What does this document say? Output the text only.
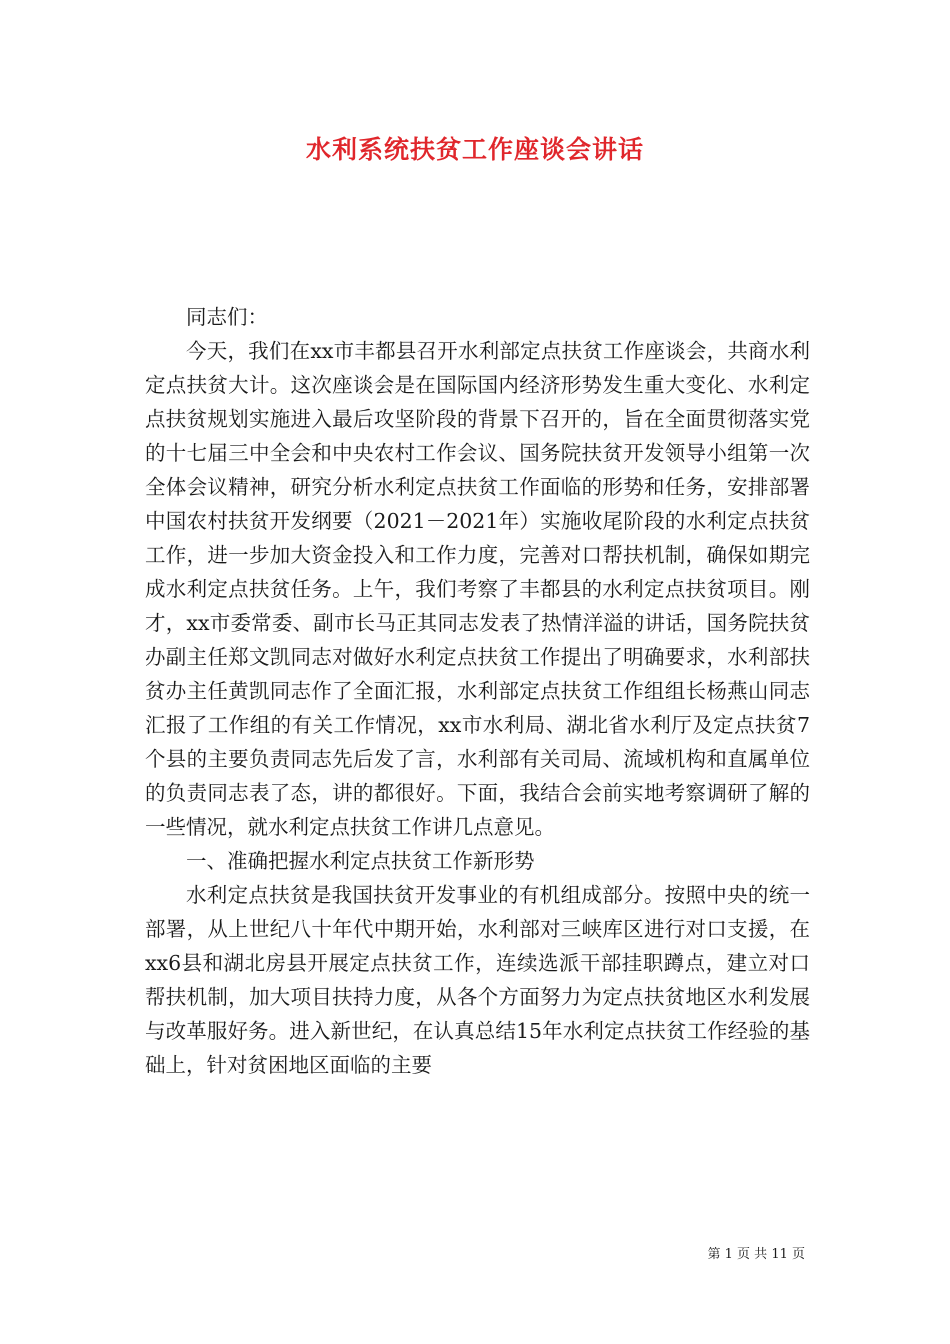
水利系统扶贫工作座谈会讲话

同志们：

今天，我们在xx市丰都县召开水利部定点扶贫工作座谈会，共商水利定点扶贫大计。这次座谈会是在国际国内经济形势发生重大变化、水利定点扶贫规划实施进入最后攻坚阶段的背景下召开的，旨在全面贯彻落实党的十七届三中全会和中央农村工作会议、国务院扶贫开发领导小组第一次全体会议精神，研究分析水利定点扶贫工作面临的形势和任务，安排部署中国农村扶贫开发纲要（2021－2021年）实施收尾阶段的水利定点扶贫工作，进一步加大资金投入和工作力度，完善对口帮扶机制，确保如期完成水利定点扶贫任务。上午，我们考察了丰都县的水利定点扶贫项目。刚才，xx市委常委、副市长马正其同志发表了热情洋溢的讲话，国务院扶贫办副主任郑文凯同志对做好水利定点扶贫工作提出了明确要求，水利部扶贫办主任黄凯同志作了全面汇报，水利部定点扶贫工作组组长杨燕山同志汇报了工作组的有关工作情况，xx市水利局、湖北省水利厅及定点扶贫7个县的主要负责同志先后发了言，水利部有关司局、流域机构和直属单位的负责同志表了态，讲的都很好。下面，我结合会前实地考察调研了解的一些情况，就水利定点扶贫工作讲几点意见。

一、准确把握水利定点扶贫工作新形势

水利定点扶贫是我国扶贫开发事业的有机组成部分。按照中央的统一部署，从上世纪八十年代中期开始，水利部对三峡库区进行对口支援，在xx6县和湖北房县开展定点扶贫工作，连续选派干部挂职蹲点，建立对口帮扶机制，加大项目扶持力度，从各个方面努力为定点扶贫地区水利发展与改革服好务。进入新世纪，在认真总结15年水利定点扶贫工作经验的基础上，针对贫困地区面临的主要

第 1 页 共 11 页
